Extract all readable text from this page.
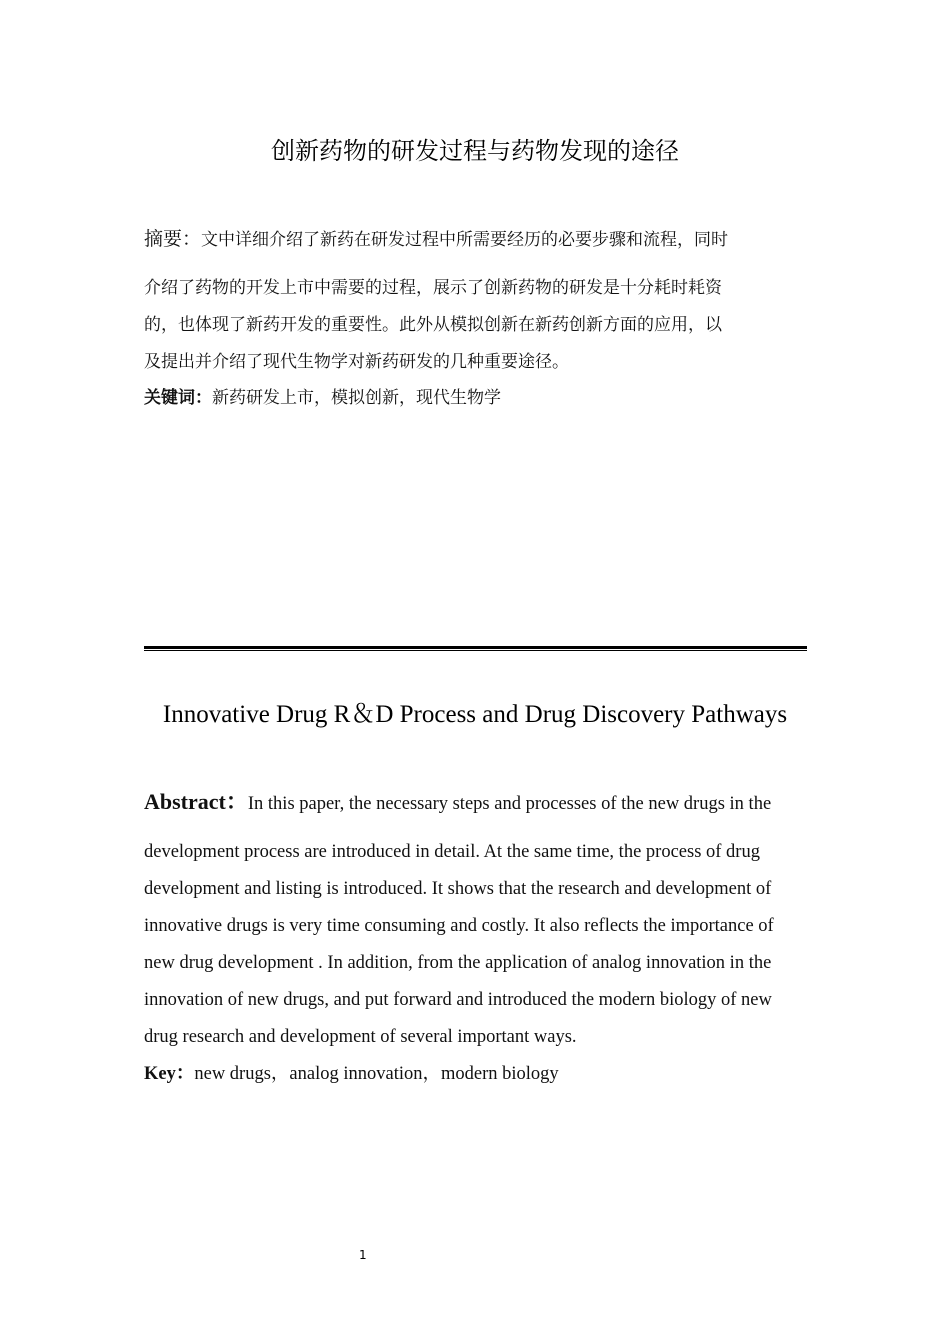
创新药物的研发过程与药物发现的途径
摘要：文中详细介绍了新药在研发过程中所需要经历的必要步骤和流程，同时
介绍了药物的开发上市中需要的过程，展示了创新药物的研发是十分耗时耗资
的，也体现了新药开发的重要性。此外从模拟创新在新药创新方面的应用，以
及提出并介绍了现代生物学对新药研发的几种重要途径。
关键词：新药研发上市，模拟创新，现代生物学
Innovative Drug R＆D Process and Drug Discovery Pathways
Abstract：In this paper, the necessary steps and processes of the new drugs in the
development process are introduced in detail. At the same time, the process of drug
development and listing is introduced. It shows that the research and development of
innovative drugs is very time consuming and costly. It also reflects the importance of
new drug development . In addition, from the application of analog innovation in the
innovation of new drugs, and put forward and introduced the modern biology of new
drug research and development of several important ways.
Key：new drugs，analog innovation，modern biology
1
